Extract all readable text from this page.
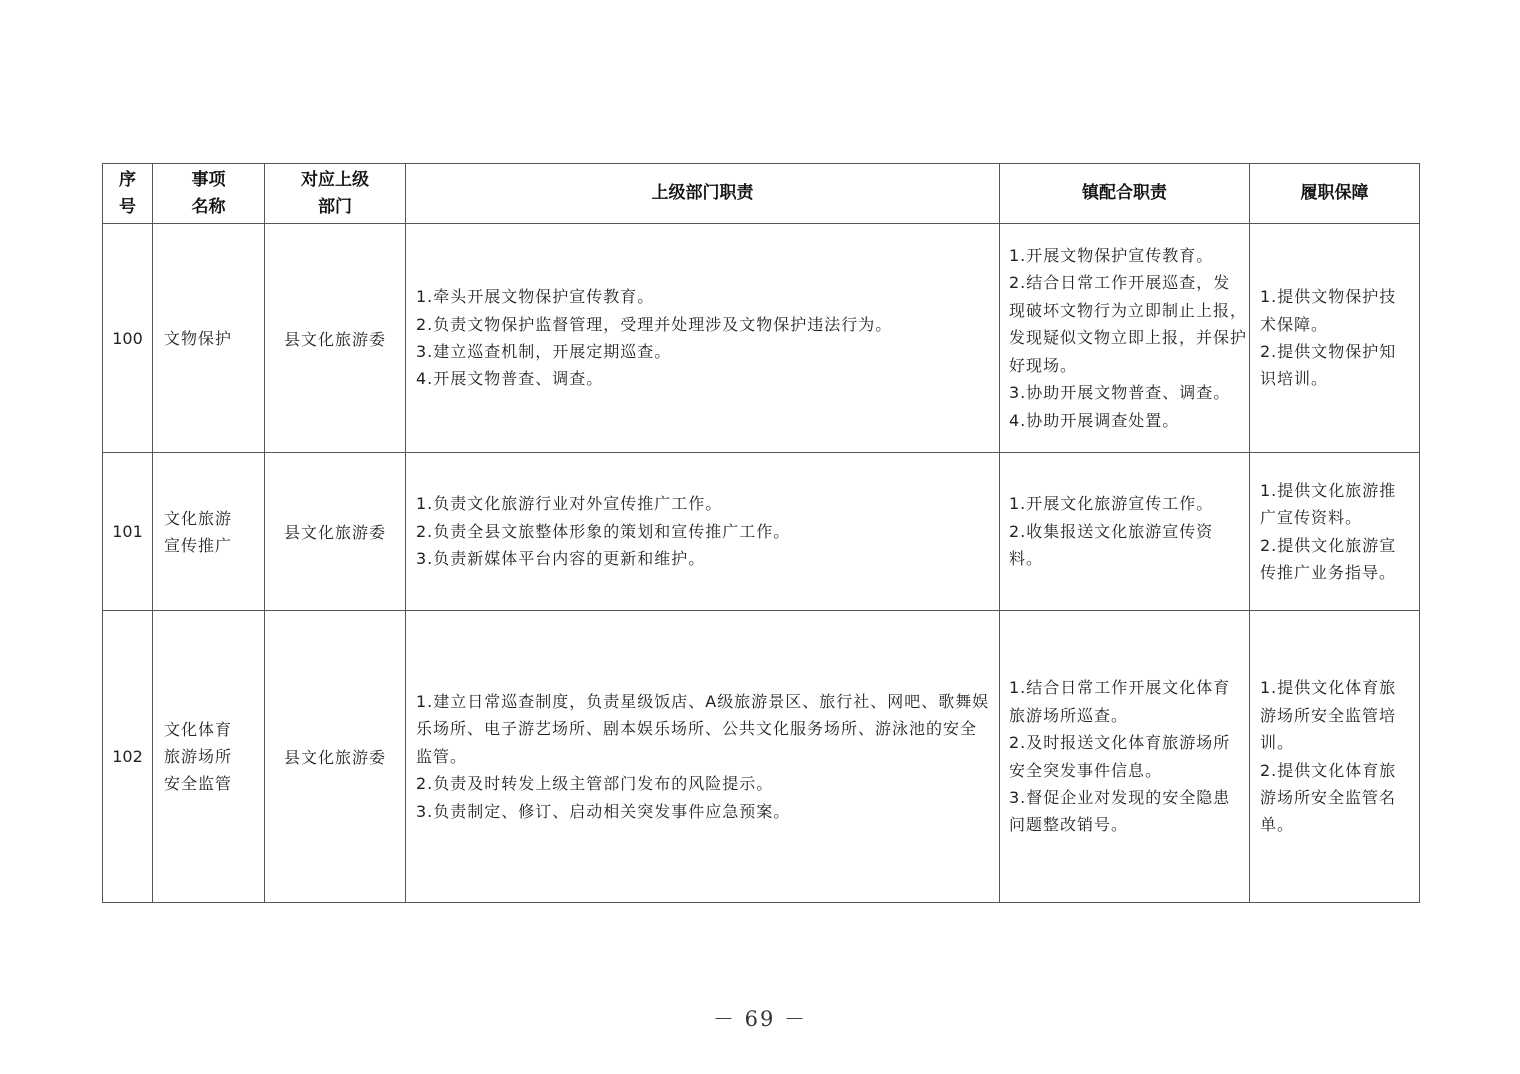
序
号	事项
名称	对应上级
部门	上级部门职责	镇配合职责	履职保障
100	文物保护	县文化旅游委	1.牵头开展文物保护宣传教育。
2.负责文物保护监督管理，受理并处理涉及文物保护违法行为。
3.建立巡查机制，开展定期巡查。
4.开展文物普查、调查。	1.开展文物保护宣传教育。
2.结合日常工作开展巡查，发现破坏文物行为立即制止上报，发现疑似文物立即上报，并保护好现场。
3.协助开展文物普查、调查。
4.协助开展调查处置。	1.提供文物保护技术保障。
2.提供文物保护知识培训。

101	文化旅游
宣传推广	县文化旅游委	1.负责文化旅游行业对外宣传推广工作。
2.负责全县文旅整体形象的策划和宣传推广工作。
3.负责新媒体平台内容的更新和维护。	1.开展文化旅游宣传工作。
2.收集报送文化旅游宣传资料。	1.提供文化旅游推广宣传资料。
2.提供文化旅游宣传推广业务指导。

102	文化体育
旅游场所
安全监管	县文化旅游委	1.建立日常巡查制度，负责星级饭店、A级旅游景区、旅行社、网吧、歌舞娱乐场所、电子游艺场所、剧本娱乐场所、公共文化服务场所、游泳池的安全监管。
2.负责及时转发上级主管部门发布的风险提示。
3.负责制定、修订、启动相关突发事件应急预案。	1.结合日常工作开展文化体育旅游场所巡查。
2.及时报送文化体育旅游场所安全突发事件信息。
3.督促企业对发现的安全隐患问题整改销号。	1.提供文化体育旅游场所安全监管培训。
2.提供文化体育旅游场所安全监管名单。
－ 69 －
